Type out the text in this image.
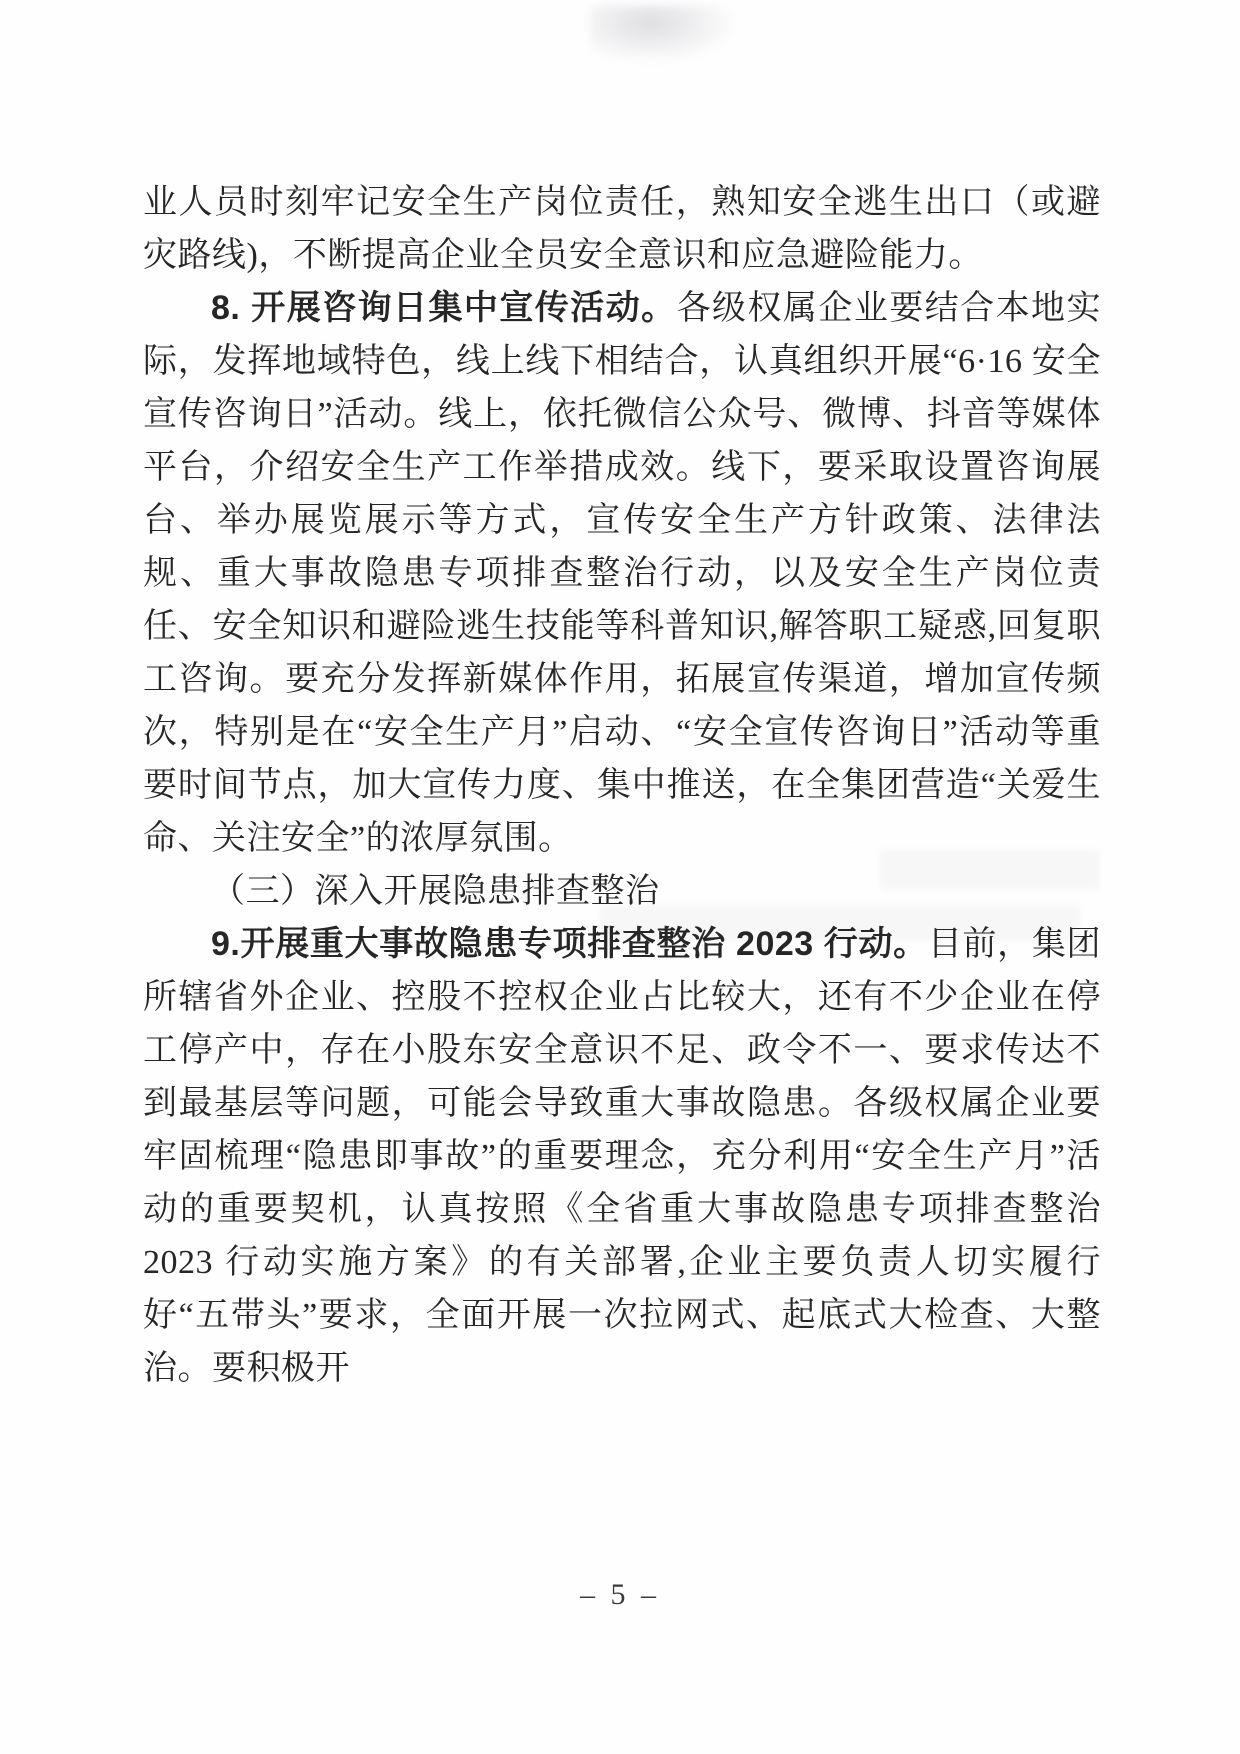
业人员时刻牢记安全生产岗位责任，熟知安全逃生出口（或避灾路线)，不断提高企业全员安全意识和应急避险能力。

8. 开展咨询日集中宣传活动。各级权属企业要结合本地实际，发挥地域特色，线上线下相结合，认真组织开展“6·16 安全宣传咨询日”活动。线上，依托微信公众号、微博、抖音等媒体平台，介绍安全生产工作举措成效。线下，要采取设置咨询展台、举办展览展示等方式，宣传安全生产方针政策、法律法规、重大事故隐患专项排查整治行动，以及安全生产岗位责任、安全知识和避险逃生技能等科普知识,解答职工疑惑,回复职工咨询。要充分发挥新媒体作用，拓展宣传渠道，增加宣传频次，特别是在“安全生产月”启动、“安全宣传咨询日”活动等重要时间节点，加大宣传力度、集中推送，在全集团营造“关爱生命、关注安全”的浓厚氛围。

（三）深入开展隐患排查整治

9.开展重大事故隐患专项排查整治 2023 行动。目前，集团所辖省外企业、控股不控权企业占比较大，还有不少企业在停工停产中，存在小股东安全意识不足、政令不一、要求传达不到最基层等问题，可能会导致重大事故隐患。各级权属企业要牢固梳理“隐患即事故”的重要理念，充分利用“安全生产月”活动的重要契机，认真按照《全省重大事故隐患专项排查整治 2023 行动实施方案》的有关部署,企业主要负责人切实履行好“五带头”要求，全面开展一次拉网式、起底式大检查、大整治。要积极开

– 5 –
